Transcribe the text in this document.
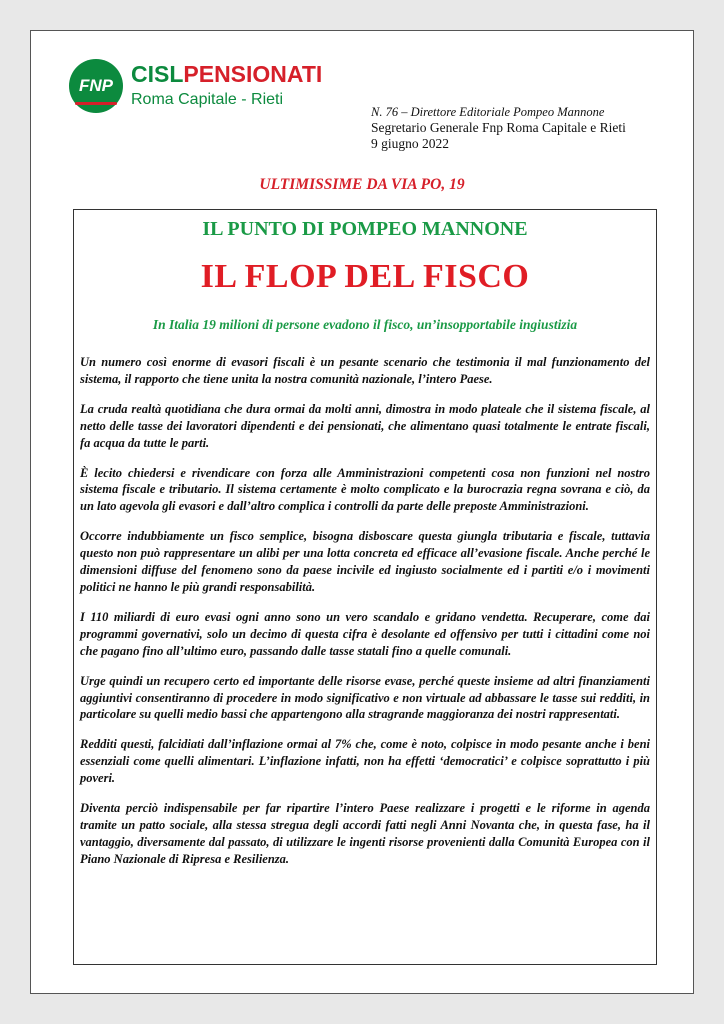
FNP CISLPENSIONATI
Roma Capitale - Rieti
N. 76 – Direttore Editoriale Pompeo Mannone
Segretario Generale Fnp Roma Capitale e Rieti
9 giugno 2022
ULTIMISSIME DA VIA PO, 19
IL PUNTO DI POMPEO MANNONE
IL FLOP DEL FISCO
In Italia 19 milioni di persone evadono il fisco, un’insopportabile ingiustizia

Un numero così enorme di evasori fiscali è un pesante scenario che testimonia il mal funzionamento del sistema, il rapporto che tiene unita la nostra comunità nazionale, l’intero Paese.

La cruda realtà quotidiana che dura ormai da molti anni, dimostra in modo plateale che il sistema fiscale, al netto delle tasse dei lavoratori dipendenti e dei pensionati, che alimentano quasi totalmente le entrate fiscali, fa acqua da tutte le parti.

È lecito chiedersi e rivendicare con forza alle Amministrazioni competenti cosa non funzioni nel nostro sistema fiscale e tributario. Il sistema certamente è molto complicato e la burocrazia regna sovrana e ciò, da un lato agevola gli evasori e dall’altro complica i controlli da parte delle preposte Amministrazioni.

Occorre indubbiamente un fisco semplice, bisogna disboscare questa giungla tributaria e fiscale, tuttavia questo non può rappresentare un alibi per una lotta concreta ed efficace all’evasione fiscale. Anche perché le dimensioni diffuse del fenomeno sono da paese incivile ed ingiusto socialmente ed i partiti e/o i movimenti politici ne hanno le più grandi responsabilità.

I 110 miliardi di euro evasi ogni anno sono un vero scandalo e gridano vendetta. Recuperare, come dai programmi governativi, solo un decimo di questa cifra è desolante ed offensivo per tutti i cittadini come noi che pagano fino all’ultimo euro, passando dalle tasse statali fino a quelle comunali.

Urge quindi un recupero certo ed importante delle risorse evase, perché queste insieme ad altri finanziamenti aggiuntivi consentiranno di procedere in modo significativo e non virtuale ad abbassare le tasse sui redditi, in particolare su quelli medio bassi che appartengono alla stragrande maggioranza dei nostri rappresentati.

Redditi questi, falcidiati dall’inflazione ormai al 7% che, come è noto, colpisce in modo pesante anche i beni essenziali come quelli alimentari. L’inflazione infatti, non ha effetti ‘democratici’ e colpisce soprattutto i più poveri.

Diventa perciò indispensabile per far ripartire l’intero Paese realizzare i progetti e le riforme in agenda tramite un patto sociale, alla stessa stregua degli accordi fatti negli Anni Novanta che, in questa fase, ha il vantaggio, diversamente dal passato, di utilizzare le ingenti risorse provenienti dalla Comunità Europea con il Piano Nazionale di Ripresa e Resilienza.
